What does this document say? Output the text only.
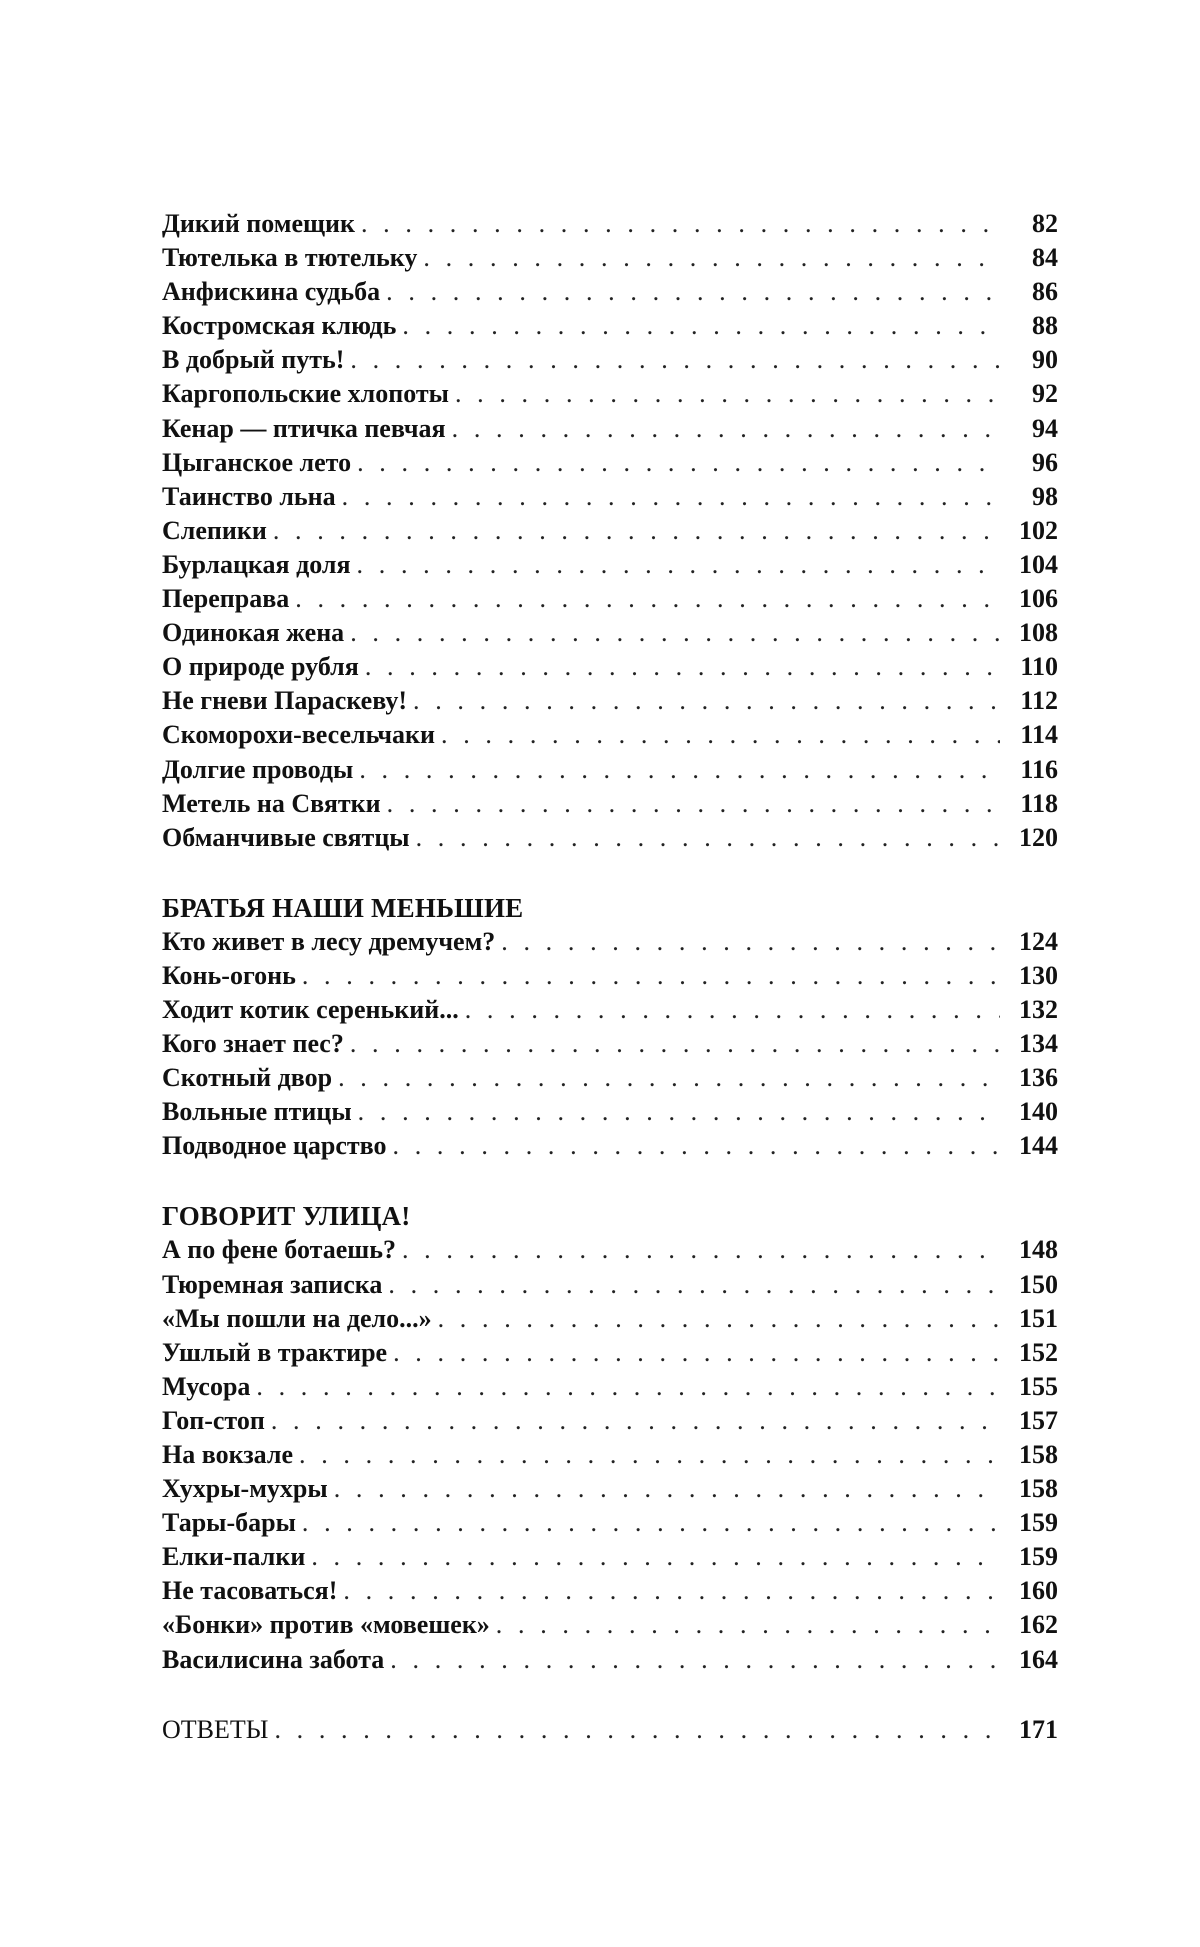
Дикий помещик . . .	82
Тютелька в тютельку . . .	84
Анфискина судьба . . .	86
Костромская клюдь . . .	88
В добрый путь! . . .	90
Каргопольские хлопоты . . .	92
Кенар — птичка певчая . . .	94
Цыганское лето . . .	96
Таинство льна . . .	98
Слепики . . .	102
Бурлацкая доля . . .	104
Переправа . . .	106
Одинокая жена . . .	108
О природе рубля . . .	110
Не гневи Параскеву! . . .	112
Скоморохи-весельчаки . . .	114
Долгие проводы . . .	116
Метель на Святки . . .	118
Обманчивые святцы . . .	120
БРАТЬЯ НАШИ МЕНЬШИЕ
Кто живет в лесу дремучем? . . .	124
Конь-огонь . . .	130
Ходит котик серенький... . . .	132
Кого знает пес? . . .	134
Скотный двор . . .	136
Вольные птицы . . .	140
Подводное царство . . .	144
ГОВОРИТ УЛИЦА!
А по фене ботаешь? . . .	148
Тюремная записка . . .	150
«Мы пошли на дело...» . . .	151
Ушлый в трактире . . .	152
Мусора . . .	155
Гоп-стоп . . .	157
На вокзале . . .	158
Хухры-мухры . . .	158
Тары-бары . . .	159
Елки-палки . . .	159
Не тасоваться! . . .	160
«Бонки» против «мовешек» . . .	162
Василисина забота . . .	164
ОТВЕТЫ . . .	171
